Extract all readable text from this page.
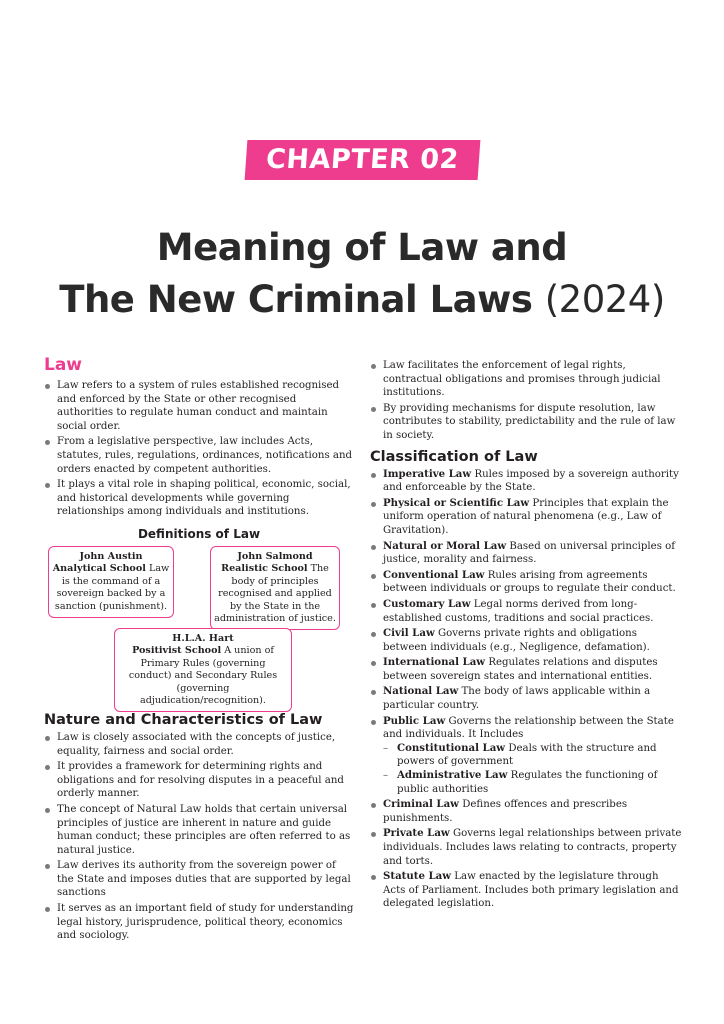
CHAPTER 02
Meaning of Law and
The New Criminal Laws (2024)
Law
Law refers to a system of rules established recognised and enforced by the State or other recognised authorities to regulate human conduct and maintain social order.
From a legislative perspective, law includes Acts, statutes, rules, regulations, ordinances, notifications and orders enacted by competent authorities.
It plays a vital role in shaping political, economic, social, and historical developments while governing relationships among individuals and institutions.
Definitions of Law
John Austin
Analytical School Law is the command of a sovereign backed by a sanction (punishment).
John Salmond
Realistic School The body of principles recognised and applied by the State in the administration of justice.
H.L.A. Hart
Positivist School A union of Primary Rules (governing conduct) and Secondary Rules (governing adjudication/recognition).
Nature and Characteristics of Law
Law is closely associated with the concepts of justice, equality, fairness and social order.
It provides a framework for determining rights and obligations and for resolving disputes in a peaceful and orderly manner.
The concept of Natural Law holds that certain universal principles of justice are inherent in nature and guide human conduct; these principles are often referred to as natural justice.
Law derives its authority from the sovereign power of the State and imposes duties that are supported by legal sanctions
It serves as an important field of study for understanding legal history, jurisprudence, political theory, economics and sociology.
Law facilitates the enforcement of legal rights, contractual obligations and promises through judicial institutions.
By providing mechanisms for dispute resolution, law contributes to stability, predictability and the rule of law in society.
Classification of Law
Imperative Law Rules imposed by a sovereign authority and enforceable by the State.
Physical or Scientific Law Principles that explain the uniform operation of natural phenomena (e.g., Law of Gravitation).
Natural or Moral Law Based on universal principles of justice, morality and fairness.
Conventional Law Rules arising from agreements between individuals or groups to regulate their conduct.
Customary Law Legal norms derived from long-established customs, traditions and social practices.
Civil Law Governs private rights and obligations between individuals (e.g., Negligence, defamation).
International Law Regulates relations and disputes between sovereign states and international entities.
National Law The body of laws applicable within a particular country.
Public Law Governs the relationship between the State and individuals. It Includes
– Constitutional Law Deals with the structure and powers of government
– Administrative Law Regulates the functioning of public authorities
Criminal Law Defines offences and prescribes punishments.
Private Law Governs legal relationships between private individuals. Includes laws relating to contracts, property and torts.
Statute Law Law enacted by the legislature through Acts of Parliament. Includes both primary legislation and delegated legislation.
